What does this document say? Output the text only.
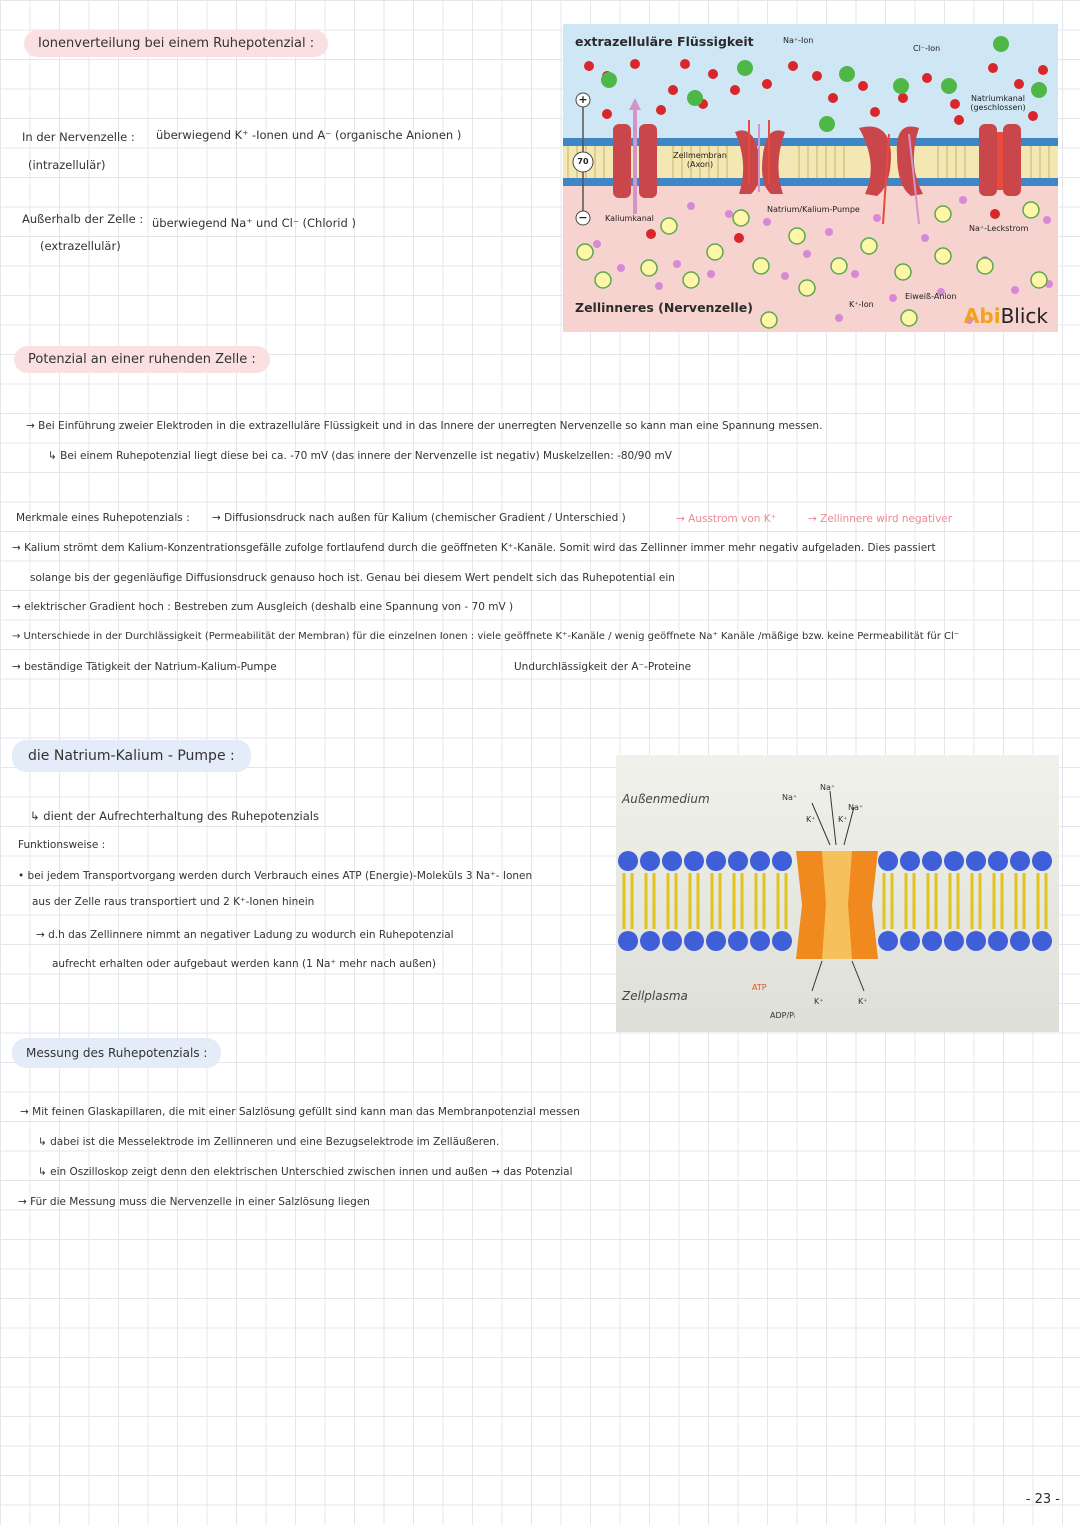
Ionenverteilung bei einem Ruhepotenzial :
In der Nervenzelle :
(intrazellulär)
überwiegend K⁺ -Ionen und A⁻ (organische Anionen )
Außerhalb der Zelle :
(extrazellulär)
überwiegend Na⁺ und Cl⁻ (Chlorid )
extrazelluläre Flüssigkeit
Zellinneres (Nervenzelle)
Na⁺-Ion
Cl⁻-Ion
Zellmembran (Axon)
Kaliumkanal
Natrium/Kalium-Pumpe
Natriumkanal (geschlossen)
Na⁺-Leckstrom
K⁺-Ion
Eiweiß-Anion
70
+
−
AbiBlick
Potenzial an einer ruhenden Zelle :
→ Bei Einführung zweier Elektroden in die extrazelluläre Flüssigkeit und in das Innere der unerregten Nervenzelle so kann man eine Spannung messen.
↳ Bei einem Ruhepotenzial liegt diese bei ca. -70 mV (das innere der Nervenzelle ist negativ) Muskelzellen: -80/90 mV
Merkmale eines Ruhepotenzials : → Diffusionsdruck nach außen für Kalium (chemischer Gradient / Unterschied )	→ Ausstrom von K⁺	→ Zellinnere wird negativer
→ Kalium strömt dem Kalium-Konzentrationsgefälle zufolge fortlaufend durch die geöffneten K⁺-Kanäle. Somit wird das Zellinner immer mehr negativ aufgeladen. Dies passiert
solange bis der gegenläufige Diffusionsdruck genauso hoch ist. Genau bei diesem Wert pendelt sich das Ruhepotential ein
→ elektrischer Gradient hoch : Bestreben zum Ausgleich (deshalb eine Spannung von - 70 mV )
→ Unterschiede in der Durchlässigkeit (Permeabilität der Membran) für die einzelnen Ionen : viele geöffnete K⁺-Kanäle / wenig geöffnete Na⁺ Kanäle /mäßige bzw. keine Permeabilität für Cl⁻
→ beständige Tätigkeit der Natrium-Kalium-Pumpe	Undurchlässigkeit der A⁻-Proteine
die Natrium-Kalium - Pumpe :
↳ dient der Aufrechterhaltung des Ruhepotenzials
Funktionsweise :
• bei jedem Transportvorgang werden durch Verbrauch eines ATP (Energie)-Moleküls 3 Na⁺- Ionen
aus der Zelle raus transportiert und 2 K⁺-Ionen hinein
→ d.h das Zellinnere nimmt an negativer Ladung zu wodurch ein Ruhepotenzial
aufrecht erhalten oder aufgebaut werden kann (1 Na⁺ mehr nach außen)
Außenmedium
Zellplasma
Na⁺
Na⁺
Na⁺
K⁺	K⁺
ATP
ADP/Pᵢ
K⁺	K⁺
Messung des Ruhepotenzials :
→ Mit feinen Glaskapillaren, die mit einer Salzlösung gefüllt sind kann man das Membranpotenzial messen
↳ dabei ist die Messelektrode im Zellinneren und eine Bezugselektrode im Zelläußeren.
↳ ein Oszilloskop zeigt denn den elektrischen Unterschied zwischen innen und außen → das Potenzial
→ Für die Messung muss die Nervenzelle in einer Salzlösung liegen
- 23 -
